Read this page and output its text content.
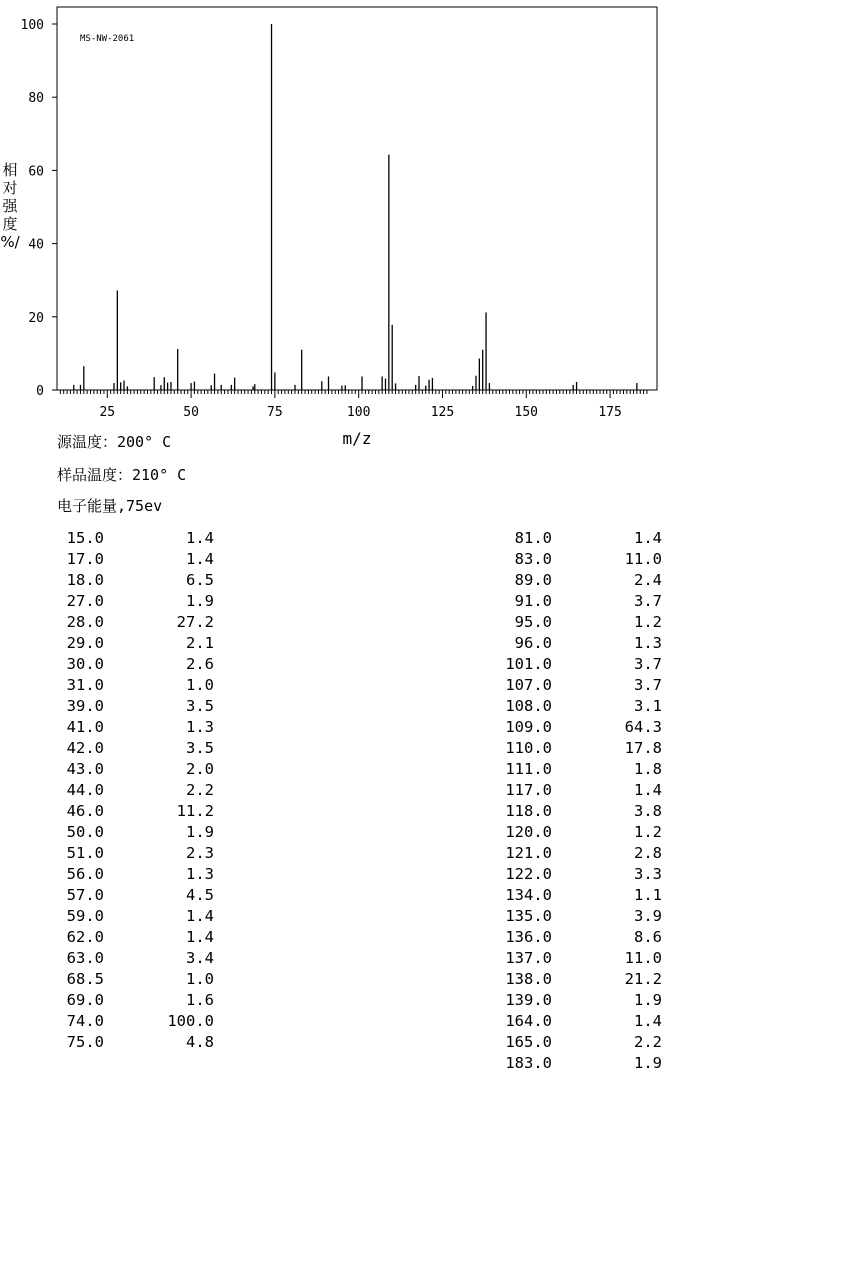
MS-NW-2061
0
20
40
60
80
100
25	50	75	100	125	150	175
m/z
相
对
强
度
%/
源温度：200° C
样品温度：210° C
电子能量,75ev
15.0	1.4
17.0	1.4
18.0	6.5
27.0	1.9
28.0	27.2
29.0	2.1
30.0	2.6
31.0	1.0
39.0	3.5
41.0	1.3
42.0	3.5
43.0	2.0
44.0	2.2
46.0	11.2
50.0	1.9
51.0	2.3
56.0	1.3
57.0	4.5
59.0	1.4
62.0	1.4
63.0	3.4
68.5	1.0
69.0	1.6
74.0	100.0
75.0	4.8
81.0	1.4
83.0	11.0
89.0	2.4
91.0	3.7
95.0	1.2
96.0	1.3
101.0	3.7
107.0	3.7
108.0	3.1
109.0	64.3
110.0	17.8
111.0	1.8
117.0	1.4
118.0	3.8
120.0	1.2
121.0	2.8
122.0	3.3
134.0	1.1
135.0	3.9
136.0	8.6
137.0	11.0
138.0	21.2
139.0	1.9
164.0	1.4
165.0	2.2
183.0	1.9
